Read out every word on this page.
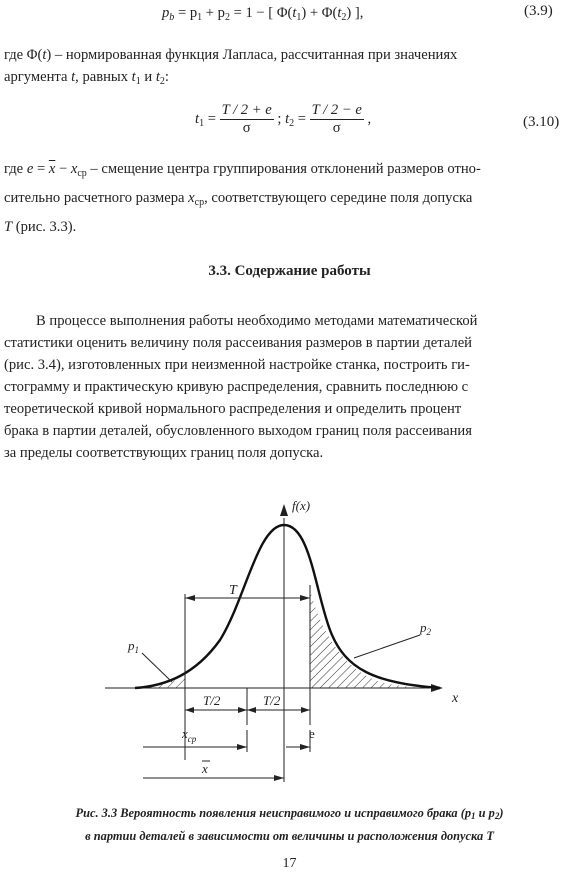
$p_b = p_1 + p_2 = 1$ − [ $\Phi(t_1) + \Phi(t_2)$ ],	(3.9)
где Φ(t) – нормированная функция Лапласа, рассчитанная при значениях
аргумента t, равных $t_1$ и $t_2$:
$t_1 = \frac{T / 2 + e}{\sigma}$ ; $t_2 = \frac{T / 2 - e}{\sigma}$ ,	(3.10)
где $e = \overline{x} - x_{ср}$ – смещение центра группирования отклонений размеров отно-
сительно расчетного размера $x_{ср}$, соответствующего середине поля допуска
T (рис. 3.3).
3.3. Содержание работы
В процессе выполнения работы необходимо методами математической
статистики оценить величину поля рассеивания размеров в партии деталей
(рис. 3.4), изготовленных при неизменной настройке станка, построить ги-
стограмму и практическую кривую распределения, сравнить последнюю с
теоретической кривой нормального распределения и определить процент
брака в партии деталей, обусловленного выходом границ поля рассеивания
за пределы соответствующих границ поля допуска.
f(x)
x
T
$p_1$
$p_2$
T/2	T/2
$x_{ср}$	e
x
Рис. 3.3 Вероятность появления неисправимого и исправимого брака (p1 и p2)
в партии деталей в зависимости от величины и расположения допуска T
17
